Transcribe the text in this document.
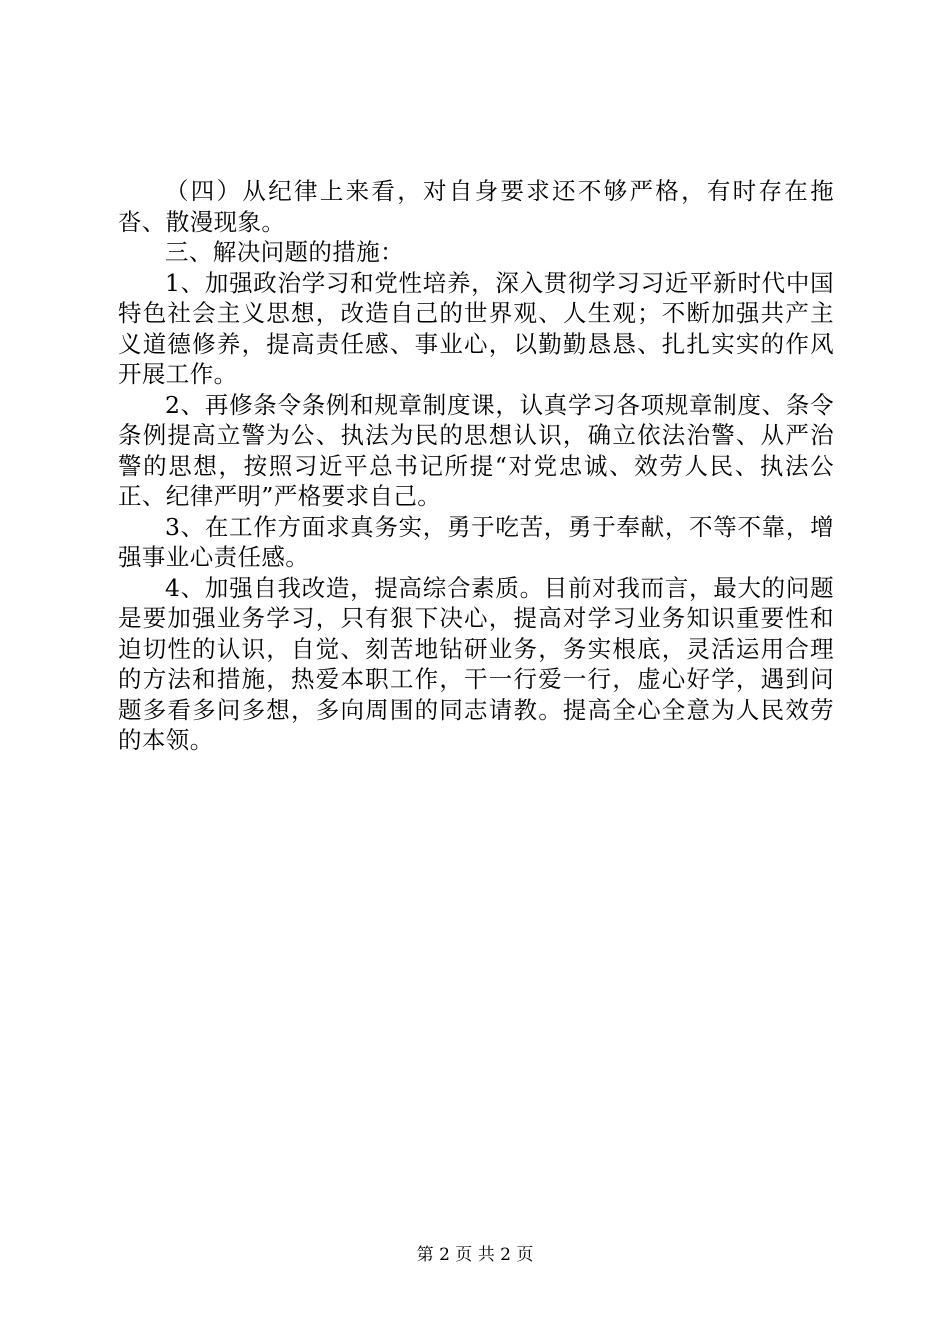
（四）从纪律上来看，对自身要求还不够严格，有时存在拖沓、散漫现象。

三、解决问题的措施：

1、加强政治学习和党性培养，深入贯彻学习习近平新时代中国特色社会主义思想，改造自己的世界观、人生观；不断加强共产主义道德修养，提高责任感、事业心，以勤勤恳恳、扎扎实实的作风开展工作。

2、再修条令条例和规章制度课，认真学习各项规章制度、条令条例提高立警为公、执法为民的思想认识，确立依法治警、从严治警的思想，按照习近平总书记所提“对党忠诚、效劳人民、执法公正、纪律严明”严格要求自己。

3、在工作方面求真务实，勇于吃苦，勇于奉献，不等不靠，增强事业心责任感。

4、加强自我改造，提高综合素质。目前对我而言，最大的问题是要加强业务学习，只有狠下决心，提高对学习业务知识重要性和迫切性的认识，自觉、刻苦地钻研业务，务实根底，灵活运用合理的方法和措施，热爱本职工作，干一行爱一行，虚心好学，遇到问题多看多问多想，多向周围的同志请教。提高全心全意为人民效劳的本领。

第 2 页 共 2 页
